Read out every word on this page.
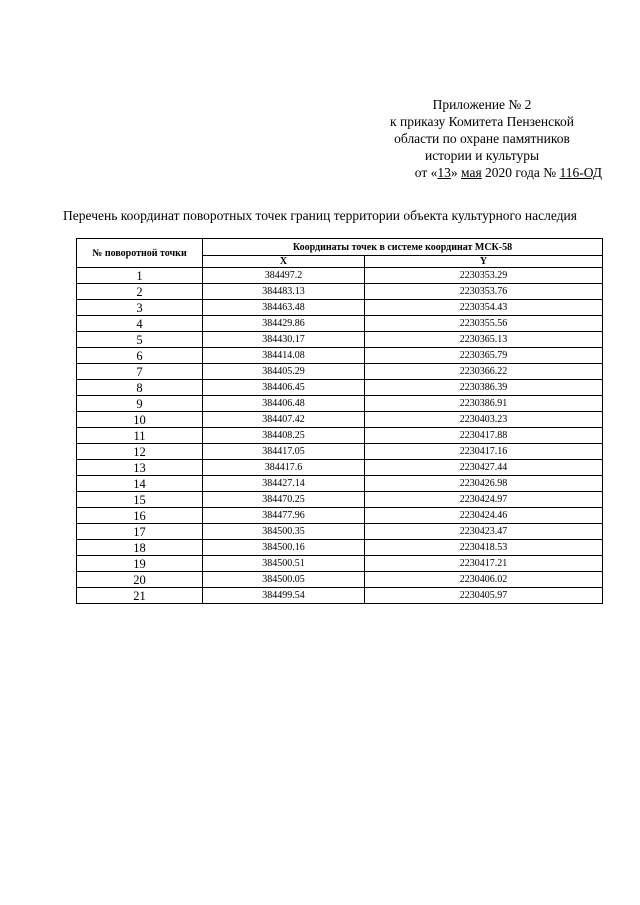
Приложение № 2
к приказу Комитета Пензенской
области по охране памятников
истории и культуры
от «13» мая 2020 года № 116-ОД
Перечень координат поворотных точек границ территории объекта культурного наследия
№ поворотной точки	Координаты точек в системе координат МСК-58	
	X	Y
1	384497.2	2230353.29
2	384483.13	2230353.76
3	384463.48	2230354.43
4	384429.86	2230355.56
5	384430.17	2230365.13
6	384414.08	2230365.79
7	384405.29	2230366.22
8	384406.45	2230386.39
9	384406.48	2230386.91
10	384407.42	2230403.23
11	384408.25	2230417.88
12	384417.05	2230417.16
13	384417.6	2230427.44
14	384427.14	2230426.98
15	384470.25	2230424.97
16	384477.96	2230424.46
17	384500.35	2230423.47
18	384500.16	2230418.53
19	384500.51	2230417.21
20	384500.05	2230406.02
21	384499.54	2230405.97
